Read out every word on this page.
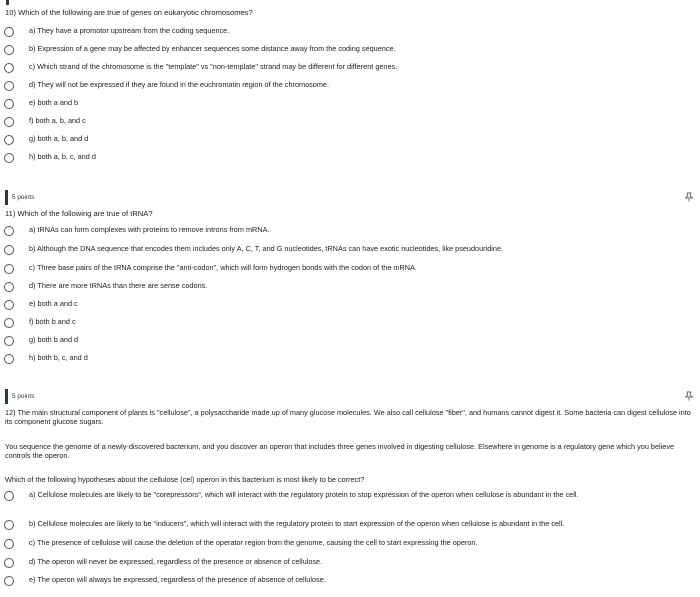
10) Which of the following are true of genes on eukaryotic chromosomes?
a) They have a promotor upstream from the coding sequence.
b) Expression of a gene may be affected by enhancer sequences some distance away from the coding sequence.
c) Which strand of the chromosome is the "template" vs "non-template" strand may be different for different genes.
d) They will not be expressed if they are found in the euchromatin region of the chromosome.
e) both a and b
f) both a, b, and c
g) both a, b, and d
h) both a, b, c, and d
5 points
11) Which of the following are true of tRNA?
a) tRNAs can form complexes with proteins to remove introns from mRNA.
b) Although the DNA sequence that encodes them includes only A, C, T, and G nucleotides, tRNAs can have exotic nucleotides, like pseudouridine.
c) Three base pairs of the tRNA comprise the "anti-codon", which will form hydrogen bonds with the codon of the mRNA.
d) There are more tRNAs than there are sense codons.
e) both a and c
f) both b and c
g) both b and d
h) both b, c, and d
5 points
12) The main structural component of plants is "cellulose", a polysaccharide made up of many glucose molecules. We also call cellulose "fiber", and humans cannot digest it. Some bacteria can digest cellulose into its component glucose sugars.
You sequence the genome of a newly-discovered bacterium, and you discover an operon that includes three genes involved in digesting cellulose. Elsewhere in genome is a regulatory gene which you believe controls the operon.
Which of the following hypotheses about the cellulose (cel) operon in this bacterium is most likely to be correct?
a) Cellulose molecules are likely to be "corepressors", which will interact with the regulatory protein to stop expression of the operon when cellulose is abundant in the cell.
b) Cellulose molecules are likely to be "inducers", which will interact with the regulatory protein to start expression of the operon when cellulose is abundant in the cell.
c) The presence of cellulose will cause the deletion of the operator region from the genome, causing the cell to start expressing the operon.
d) The operon will never be expressed, regardless of the presence or absence of cellulose.
e) The operon will always be expressed, regardless of the presence of absence of cellulose.
